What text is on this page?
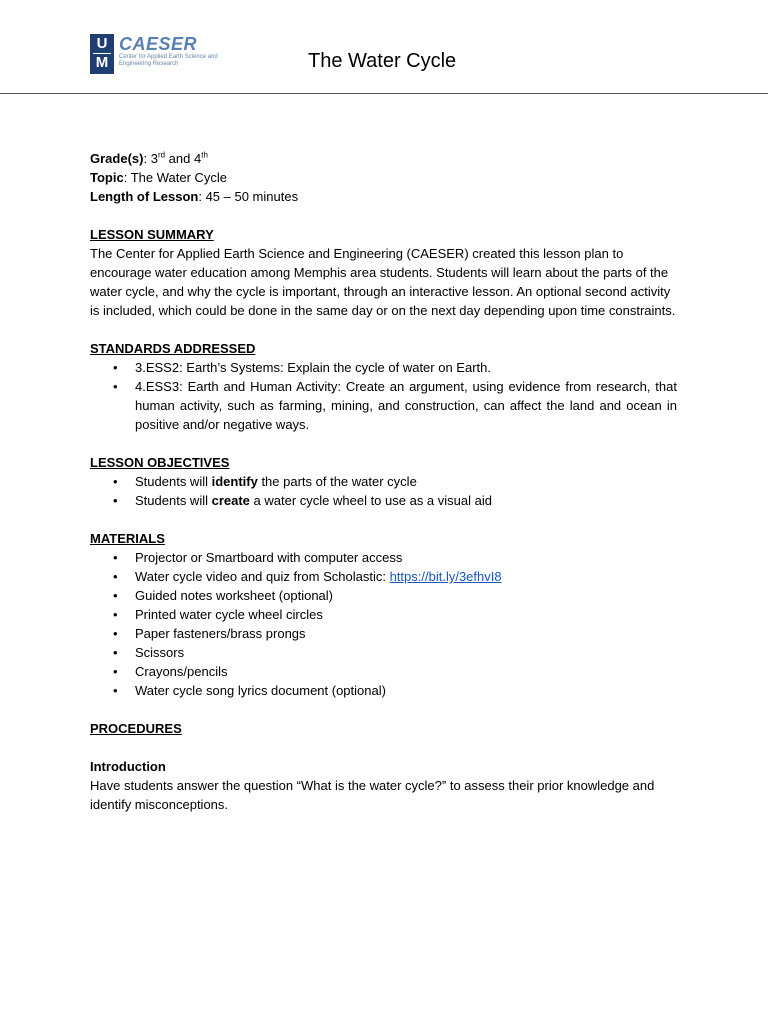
U
M
CAESER
Center for Applied Earth Science and Engineering Research	The Water Cycle

Grade(s): 3rd and 4th

Topic: The Water Cycle

Length of Lesson: 45 – 50 minutes

LESSON SUMMARY

The Center for Applied Earth Science and Engineering (CAESER) created this lesson plan to encourage water education among Memphis area students. Students will learn about the parts of the water cycle, and why the cycle is important, through an interactive lesson. An optional second activity is included, which could be done in the same day or on the next day depending upon time constraints.

STANDARDS ADDRESSED

• 3.ESS2: Earth’s Systems: Explain the cycle of water on Earth.
• 4.ESS3: Earth and Human Activity: Create an argument, using evidence from research, that human activity, such as farming, mining, and construction, can affect the land and ocean in positive and/or negative ways.

LESSON OBJECTIVES

• Students will identify the parts of the water cycle
• Students will create a water cycle wheel to use as a visual aid

MATERIALS

• Projector or Smartboard with computer access
• Water cycle video and quiz from Scholastic: https://bit.ly/3efhvI8
• Guided notes worksheet (optional)
• Printed water cycle wheel circles
• Paper fasteners/brass prongs
• Scissors
• Crayons/pencils
• Water cycle song lyrics document (optional)

PROCEDURES

Introduction

Have students answer the question “What is the water cycle?” to assess their prior knowledge and identify misconceptions.
